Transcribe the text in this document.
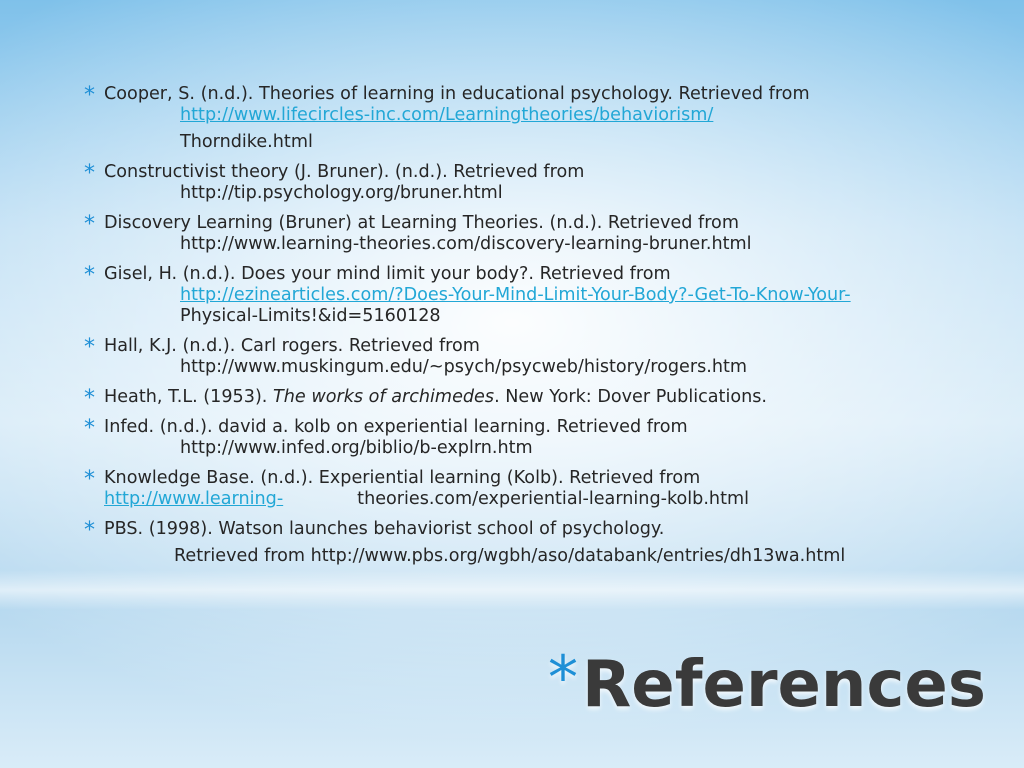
* Cooper, S. (n.d.). Theories of learning in educational psychology. Retrieved from
http://www.lifecircles-inc.com/Learningtheories/behaviorism/
Thorndike.html
* Constructivist theory (J. Bruner). (n.d.). Retrieved from
http://tip.psychology.org/bruner.html
* Discovery Learning (Bruner) at Learning Theories. (n.d.). Retrieved from
http://www.learning-theories.com/discovery-learning-bruner.html
* Gisel, H. (n.d.). Does your mind limit your body?. Retrieved from
http://ezinearticles.com/?Does-Your-Mind-Limit-Your-Body?-Get-To-Know-Your-
Physical-Limits!&id=5160128
* Hall, K.J. (n.d.). Carl rogers. Retrieved from
http://www.muskingum.edu/~psych/psycweb/history/rogers.htm
* Heath, T.L. (1953). The works of archimedes. New York: Dover Publications.
* Infed. (n.d.). david a. kolb on experiential learning. Retrieved from
http://www.infed.org/biblio/b-explrn.htm
* Knowledge Base. (n.d.). Experiential learning (Kolb). Retrieved from
http://www.learning-	theories.com/experiential-learning-kolb.html
* PBS. (1998). Watson launches behaviorist school of psychology.
Retrieved from http://www.pbs.org/wgbh/aso/databank/entries/dh13wa.html
* References
